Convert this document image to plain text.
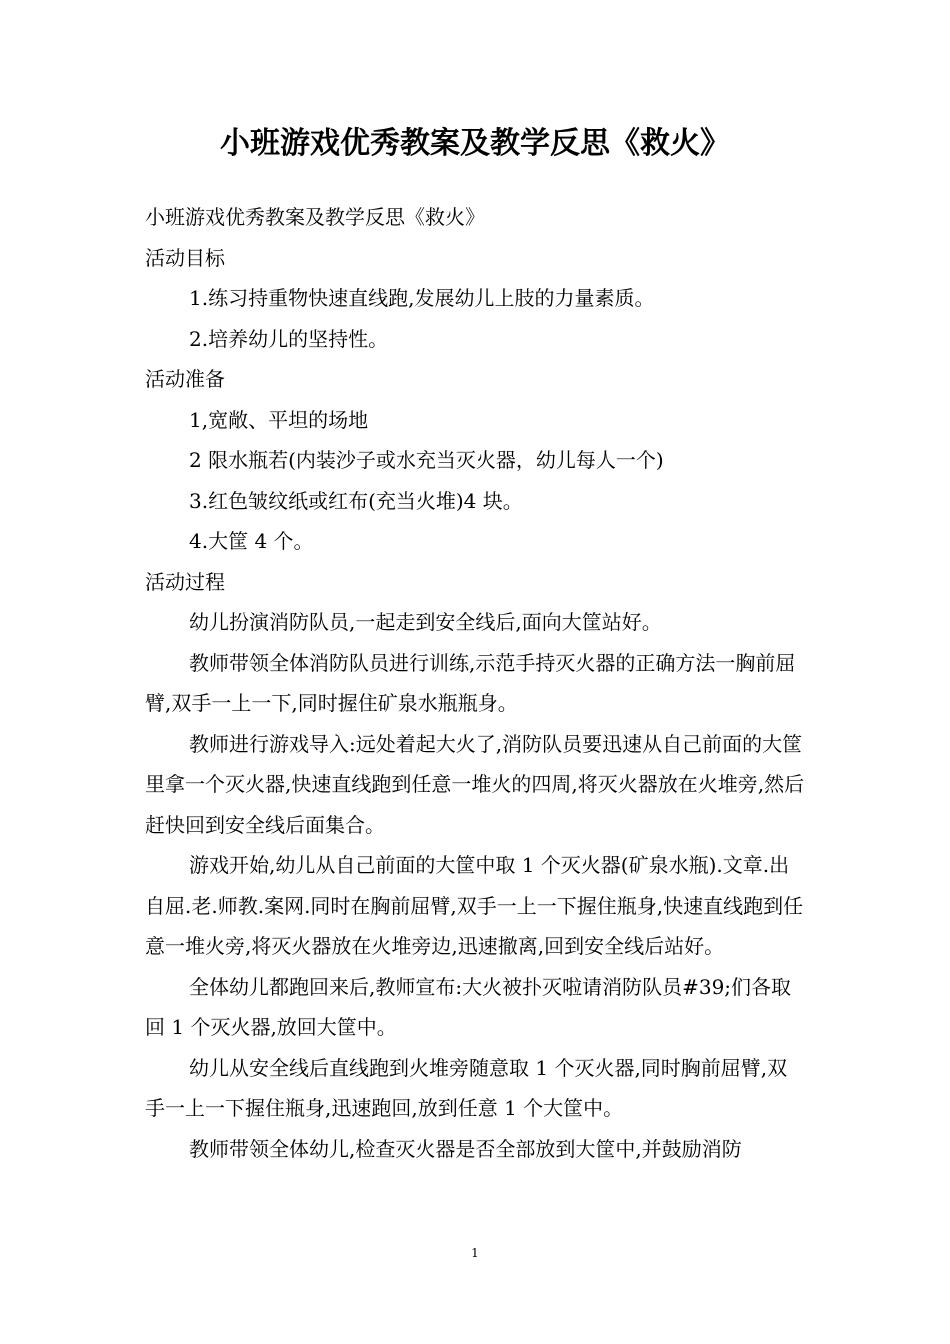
小班游戏优秀教案及教学反思《救火》

小班游戏优秀教案及教学反思《救火》

活动目标

1.练习持重物快速直线跑,发展幼儿上肢的力量素质。

2.培养幼儿的坚持性。

活动准备

1,宽敞、平坦的场地

2 限水瓶若(内装沙子或水充当灭火器，幼儿每人一个)

3.红色皱纹纸或红布(充当火堆)4 块。

4.大筐 4 个。

活动过程

幼儿扮演消防队员,一起走到安全线后,面向大筐站好。

教师带领全体消防队员进行训练,示范手持灭火器的正确方法一胸前屈臂,双手一上一下,同时握住矿泉水瓶瓶身。

教师进行游戏导入:远处着起大火了,消防队员要迅速从自己前面的大筐里拿一个灭火器,快速直线跑到任意一堆火的四周,将灭火器放在火堆旁,然后赶快回到安全线后面集合。

游戏开始,幼儿从自己前面的大筐中取 1 个灭火器(矿泉水瓶).文章.出自屈.老.师教.案网.同时在胸前屈臂,双手一上一下握住瓶身,快速直线跑到任意一堆火旁,将灭火器放在火堆旁边,迅速撤离,回到安全线后站好。

全体幼儿都跑回来后,教师宣布:大火被扑灭啦请消防队员#39;们各取回 1 个灭火器,放回大筐中。

幼儿从安全线后直线跑到火堆旁随意取 1 个灭火器,同时胸前屈臂,双手一上一下握住瓶身,迅速跑回,放到任意 1 个大筐中。

教师带领全体幼儿,检查灭火器是否全部放到大筐中,并鼓励消防

1
